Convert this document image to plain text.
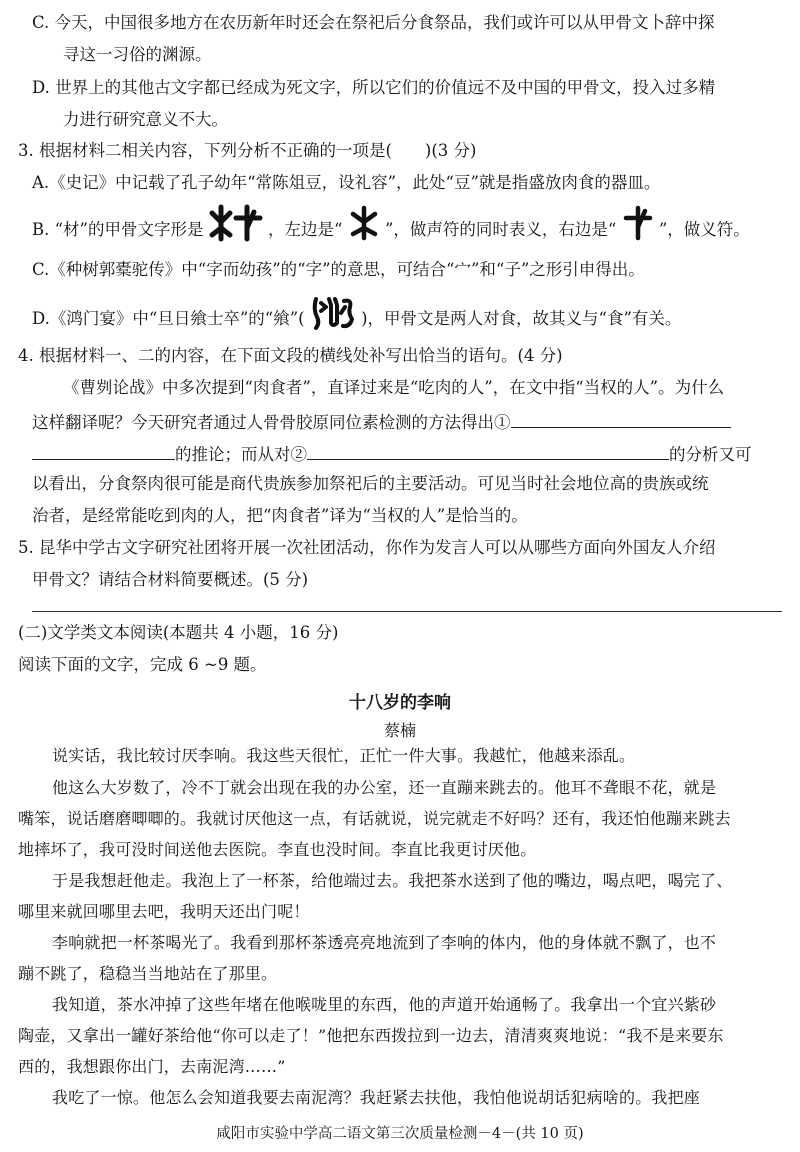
C. 今天，中国很多地方在农历新年时还会在祭祀后分食祭品，我们或许可以从甲骨文卜辞中探
寻这一习俗的渊源。
D. 世界上的其他古文字都已经成为死文字，所以它们的价值远不及中国的甲骨文，投入过多精
力进行研究意义不大。
3. 根据材料二相关内容，下列分析不正确的一项是(　　)(3 分)
A.《史记》中记载了孔子幼年“常陈俎豆，设礼容”，此处“豆”就是指盛放肉食的器皿。
B. “材”的甲骨文字形是	，左边是“	”，做声符的同时表义，右边是“	”，做义符。
C.《种树郭橐驼传》中“字而幼孩”的“字”的意思，可结合“宀”和“子”之形引申得出。
D.《鸿门宴》中“旦日飨士卒”的“飨”(	)，甲骨文是两人对食，故其义与“食”有关。
4. 根据材料一、二的内容，在下面文段的横线处补写出恰当的语句。(4 分)
《曹刿论战》中多次提到“肉食者”，直译过来是“吃肉的人”，在文中指“当权的人”。为什么
这样翻译呢？今天研究者通过人骨骨胶原同位素检测的方法得出①
的推论；而从对②	的分析又可
以看出，分食祭肉很可能是商代贵族参加祭祀后的主要活动。可见当时社会地位高的贵族或统
治者，是经常能吃到肉的人，把“肉食者”译为“当权的人”是恰当的。
5. 昆华中学古文字研究社团将开展一次社团活动，你作为发言人可以从哪些方面向外国友人介绍
甲骨文？请结合材料简要概述。(5 分)
(二)文学类文本阅读(本题共 4 小题，16 分)
阅读下面的文字，完成 6 ~9 题。
十八岁的李响
蔡楠
说实话，我比较讨厌李响。我这些天很忙，正忙一件大事。我越忙，他越来添乱。
他这么大岁数了，冷不丁就会出现在我的办公室，还一直蹦来跳去的。他耳不聋眼不花，就是
嘴笨，说话磨磨唧唧的。我就讨厌他这一点，有话就说，说完就走不好吗？还有，我还怕他蹦来跳去
地摔坏了，我可没时间送他去医院。李直也没时间。李直比我更讨厌他。
于是我想赶他走。我泡上了一杯茶，给他端过去。我把茶水送到了他的嘴边，喝点吧，喝完了、
哪里来就回哪里去吧，我明天还出门呢！
李响就把一杯茶喝光了。我看到那杯茶透亮亮地流到了李响的体内，他的身体就不飘了，也不
蹦不跳了，稳稳当当地站在了那里。
我知道，茶水冲掉了这些年堵在他喉咙里的东西，他的声道开始通畅了。我拿出一个宜兴紫砂
陶壶，又拿出一罐好茶给他“你可以走了！”他把东西拨拉到一边去，清清爽爽地说：“我不是来要东
西的，我想跟你出门，去南泥湾……”
我吃了一惊。他怎么会知道我要去南泥湾？我赶紧去扶他，我怕他说胡话犯病啥的。我把座
咸阳市实验中学高二语文第三次质量检测－4－(共 10 页)
